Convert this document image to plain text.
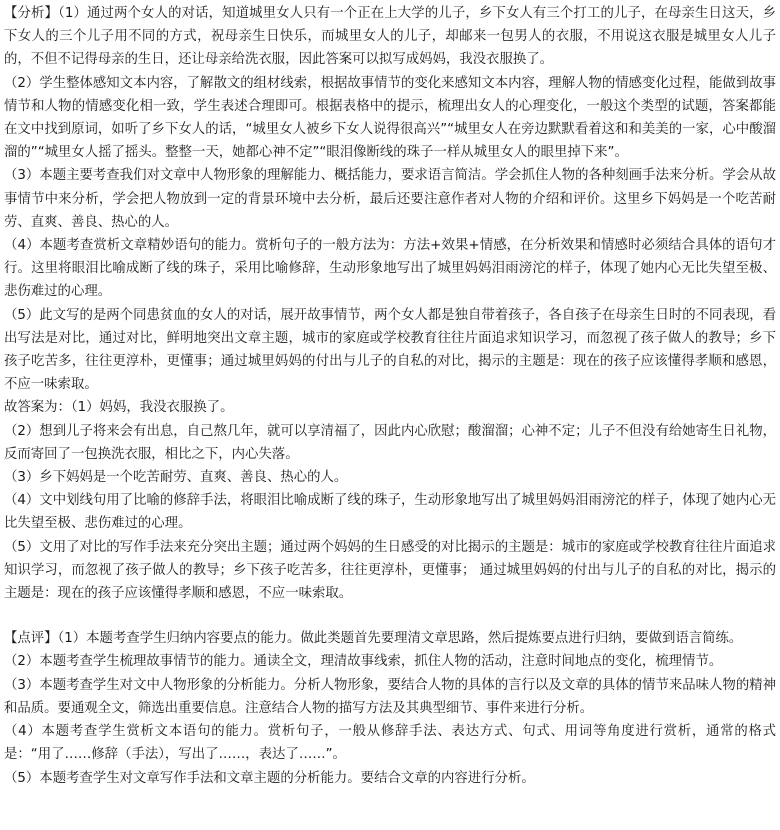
【分析】（1）通过两个女人的对话，知道城里女人只有一个正在上大学的儿子，乡下女人有三个打工的儿子，在母亲生日这天，乡下女人的三个儿子用不同的方式，祝母亲生日快乐，而城里女人的儿子，却邮来一包男人的衣服，不用说这衣服是城里女人儿子的，不但不记得母亲的生日，还让母亲给洗衣服，因此答案可以拟写成妈妈，我没衣服换了。

（2）学生整体感知文本内容，了解散文的组材线索，根据故事情节的变化来感知文本内容，理解人物的情感变化过程，能做到故事情节和人物的情感变化相一致，学生表述合理即可。根据表格中的提示，梳理出女人的心理变化，一般这个类型的试题，答案都能在文中找到原词，如听了乡下女人的话，“城里女人被乡下女人说得很高兴”“城里女人在旁边默默看着这和和美美的一家，心中酸溜溜的”“城里女人摇了摇头。整整一天，她都心神不定”“眼泪像断线的珠子一样从城里女人的眼里掉下来”。

（3）本题主要考查我们对文章中人物形象的理解能力、概括能力，要求语言简洁。学会抓住人物的各种刻画手法来分析。学会从故事情节中来分析，学会把人物放到一定的背景环境中去分析，最后还要注意作者对人物的介绍和评价。这里乡下妈妈是一个吃苦耐劳、直爽、善良、热心的人。

（4）本题考查赏析文章精妙语句的能力。赏析句子的一般方法为：方法+效果+情感，在分析效果和情感时必须结合具体的语句才行。这里将眼泪比喻成断了线的珠子，采用比喻修辞，生动形象地写出了城里妈妈泪雨滂沱的样子，体现了她内心无比失望至极、悲伤难过的心理。

（5）此文写的是两个同患贫血的女人的对话，展开故事情节，两个女人都是独自带着孩子，各自孩子在母亲生日时的不同表现，看出写法是对比，通过对比，鲜明地突出文章主题，城市的家庭或学校教育往往片面追求知识学习，而忽视了孩子做人的教导；乡下孩子吃苦多，往往更淳朴，更懂事；通过城里妈妈的付出与儿子的自私的对比，揭示的主题是：现在的孩子应该懂得孝顺和感恩，不应一味索取。

故答案为：（1）妈妈，我没衣服换了。

（2）想到儿子将来会有出息，自己熬几年，就可以享清福了，因此内心欣慰；酸溜溜；心神不定；儿子不但没有给她寄生日礼物，反而寄回了一包换洗衣服，相比之下，内心失落。

（3）乡下妈妈是一个吃苦耐劳、直爽、善良、热心的人。

（4）文中划线句用了比喻的修辞手法，将眼泪比喻成断了线的珠子，生动形象地写出了城里妈妈泪雨滂沱的样子，体现了她内心无比失望至极、悲伤难过的心理。

（5）文用了对比的写作手法来充分突出主题；通过两个妈妈的生日感受的对比揭示的主题是：城市的家庭或学校教育往往片面追求知识学习，而忽视了孩子做人的教导；乡下孩子吃苦多，往往更淳朴，更懂事； 通过城里妈妈的付出与儿子的自私的对比，揭示的主题是：现在的孩子应该懂得孝顺和感恩，不应一味索取。

【点评】（1）本题考查学生归纳内容要点的能力。做此类题首先要理清文章思路，然后提炼要点进行归纳，要做到语言简练。

（2）本题考查学生梳理故事情节的能力。通读全文，理清故事线索，抓住人物的活动，注意时间地点的变化，梳理情节。

（3）本题考查学生对文中人物形象的分析能力。分析人物形象，要结合人物的具体的言行以及文章的具体的情节来品味人物的精神和品质。要通观全文，筛选出重要信息。注意结合人物的描写方法及其典型细节、事件来进行分析。

（4）本题考查学生赏析文本语句的能力。赏析句子，一般从修辞手法、表达方式、句式、用词等角度进行赏析，通常的格式是：“用了……修辞（手法），写出了……，表达了……”。

（5）本题考查学生对文章写作手法和文章主题的分析能力。要结合文章的内容进行分析。
